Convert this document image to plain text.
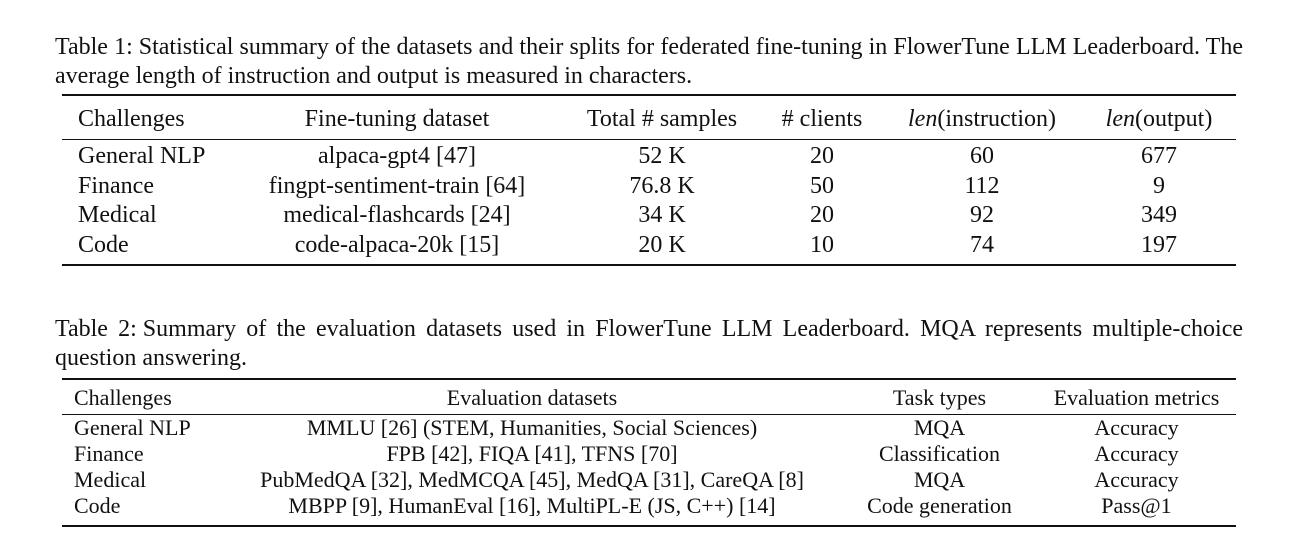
Table 1: Statistical summary of the datasets and their splits for federated fine-tuning in FlowerTune LLM Leaderboard. The average length of instruction and output is measured in characters.
Challenges	Fine-tuning dataset	Total # samples	# clients	len(instruction)	len(output)
General NLP	alpaca-gpt4 [47]	52 K	20	60	677
Finance	fingpt-sentiment-train [64]	76.8 K	50	112	9
Medical	medical-flashcards [24]	34 K	20	92	349
Code	code-alpaca-20k [15]	20 K	10	74	197
Table 2: Summary of the evaluation datasets used in FlowerTune LLM Leaderboard. MQA represents multiple-choice question answering.
Challenges	Evaluation datasets	Task types	Evaluation metrics
General NLP	MMLU [26] (STEM, Humanities, Social Sciences)	MQA	Accuracy
Finance	FPB [42], FIQA [41], TFNS [70]	Classification	Accuracy
Medical	PubMedQA [32], MedMCQA [45], MedQA [31], CareQA [8]	MQA	Accuracy
Code	MBPP [9], HumanEval [16], MultiPL-E (JS, C++) [14]	Code generation	Pass@1
